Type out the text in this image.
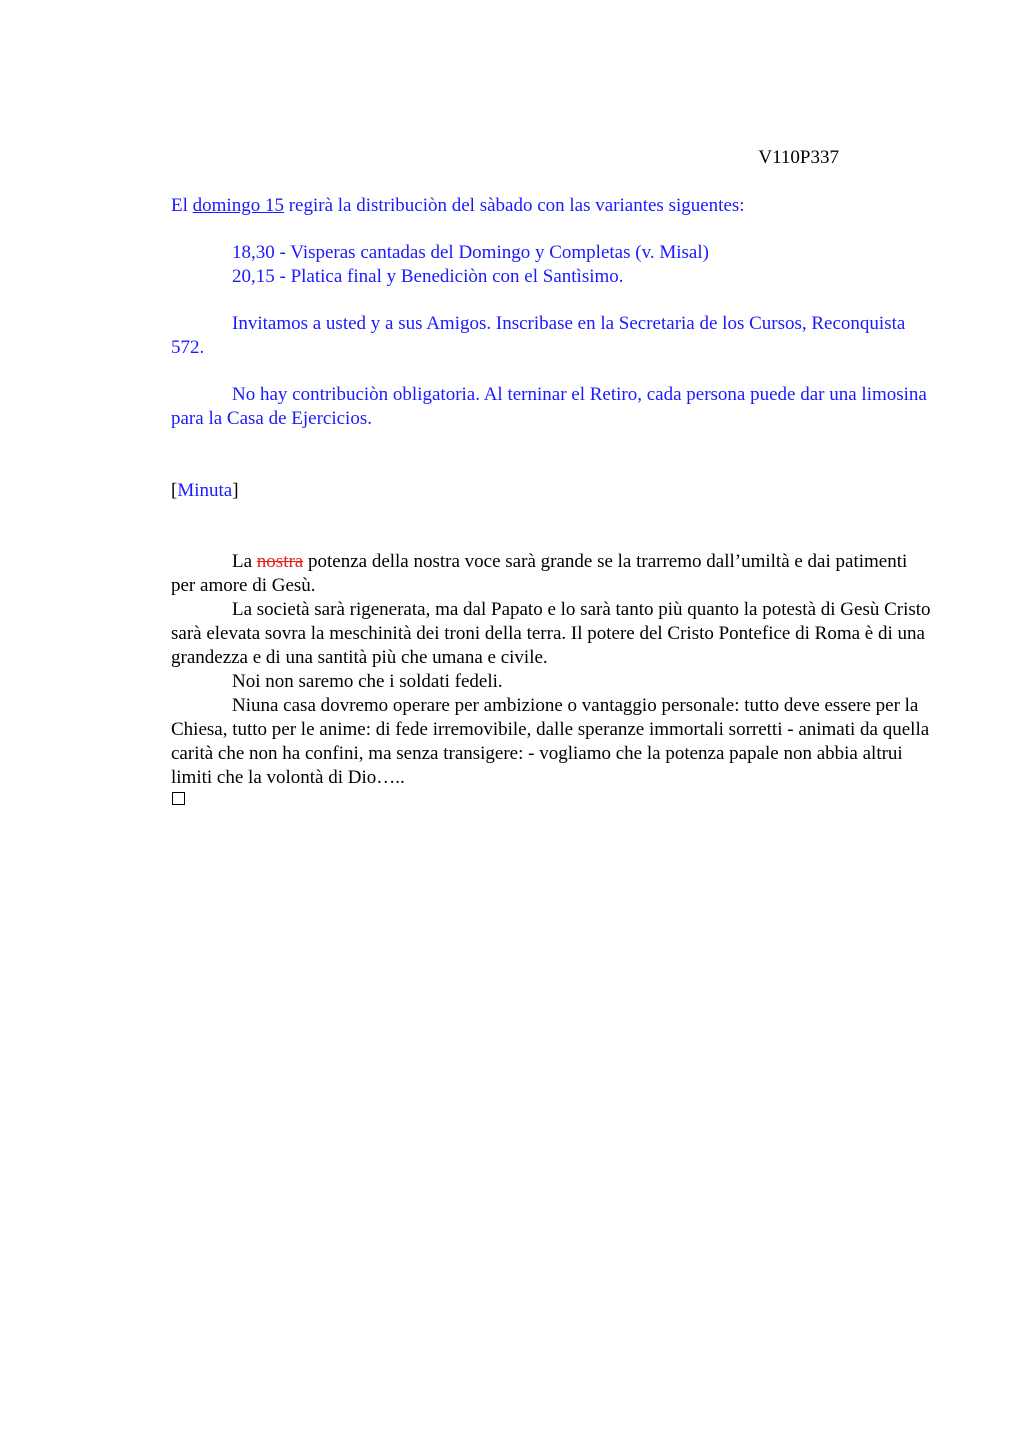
V110P337

El domingo 15 regirà la distribuciòn del sàbado con las variantes siguentes:

18,30 - Visperas cantadas del Domingo y Completas (v. Misal)
20,15 - Platica final y Benediciòn con el Santìsimo.

Invitamos a usted y a sus Amigos. Inscribase en la Secretaria de los Cursos, Reconquista 572.

No hay contribuciòn obligatoria. Al terninar el Retiro, cada persona puede dar una limosina para la Casa de Ejercicios.

[Minuta]

La nostra potenza della nostra voce sarà grande se la trarremo dall’umiltà e dai patimenti per amore di Gesù.

La società sarà rigenerata, ma dal Papato e lo sarà tanto più quanto la potestà di Gesù Cristo sarà elevata sovra la meschinità dei troni della terra. Il potere del Cristo Pontefice di Roma è di una grandezza e di una santità più che umana e civile.

Noi non saremo che i soldati fedeli.

Niuna casa dovremo operare per ambizione o vantaggio personale: tutto deve essere per la Chiesa, tutto per le anime: di fede irremovibile, dalle speranze immortali sorretti - animati da quella carità che non ha confini, ma senza transigere: - vogliamo che la potenza papale non abbia altrui limiti che la volontà di Dio…..
